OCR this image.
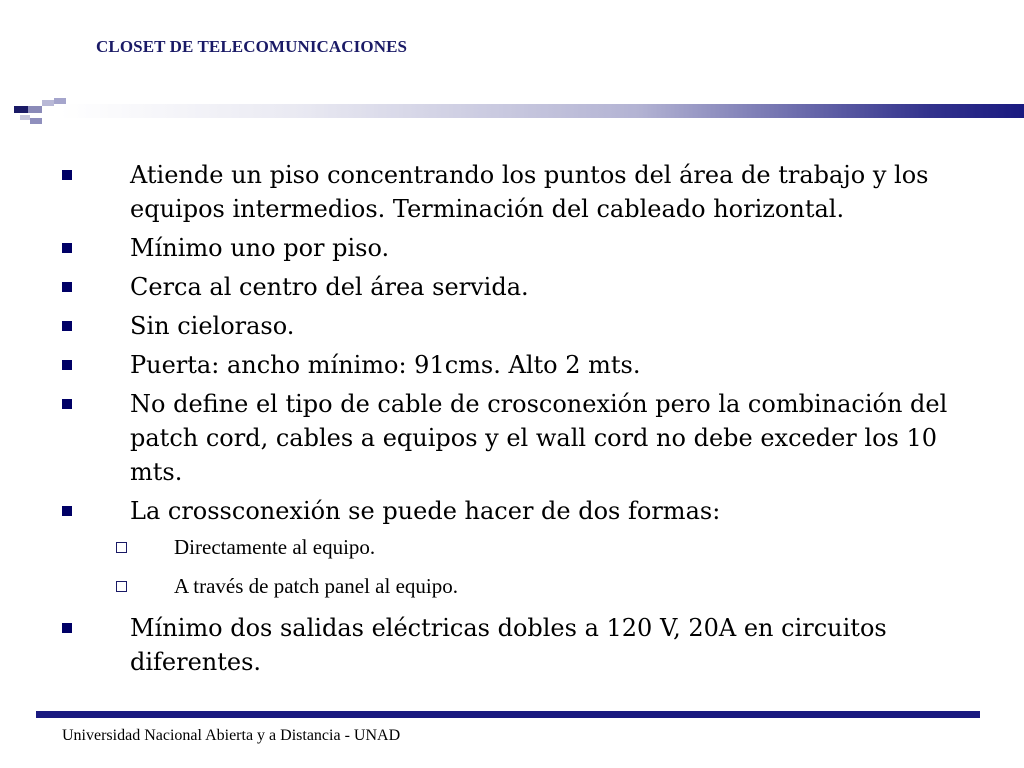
CLOSET DE TELECOMUNICACIONES
Atiende un piso concentrando los puntos del área de trabajo y los equipos intermedios. Terminación del cableado horizontal.
Mínimo uno por piso.
Cerca al centro del área servida.
Sin cieloraso.
Puerta: ancho mínimo: 91cms. Alto 2 mts.
No define el tipo de cable de crosconexión pero la combinación del patch cord, cables a equipos y el wall cord no debe exceder los 10 mts.
La crossconexión se puede hacer de dos formas:
Directamente al equipo.
A través de patch panel al equipo.
Mínimo dos salidas eléctricas dobles a 120 V, 20A en circuitos diferentes.
Universidad Nacional Abierta y a Distancia - UNAD
